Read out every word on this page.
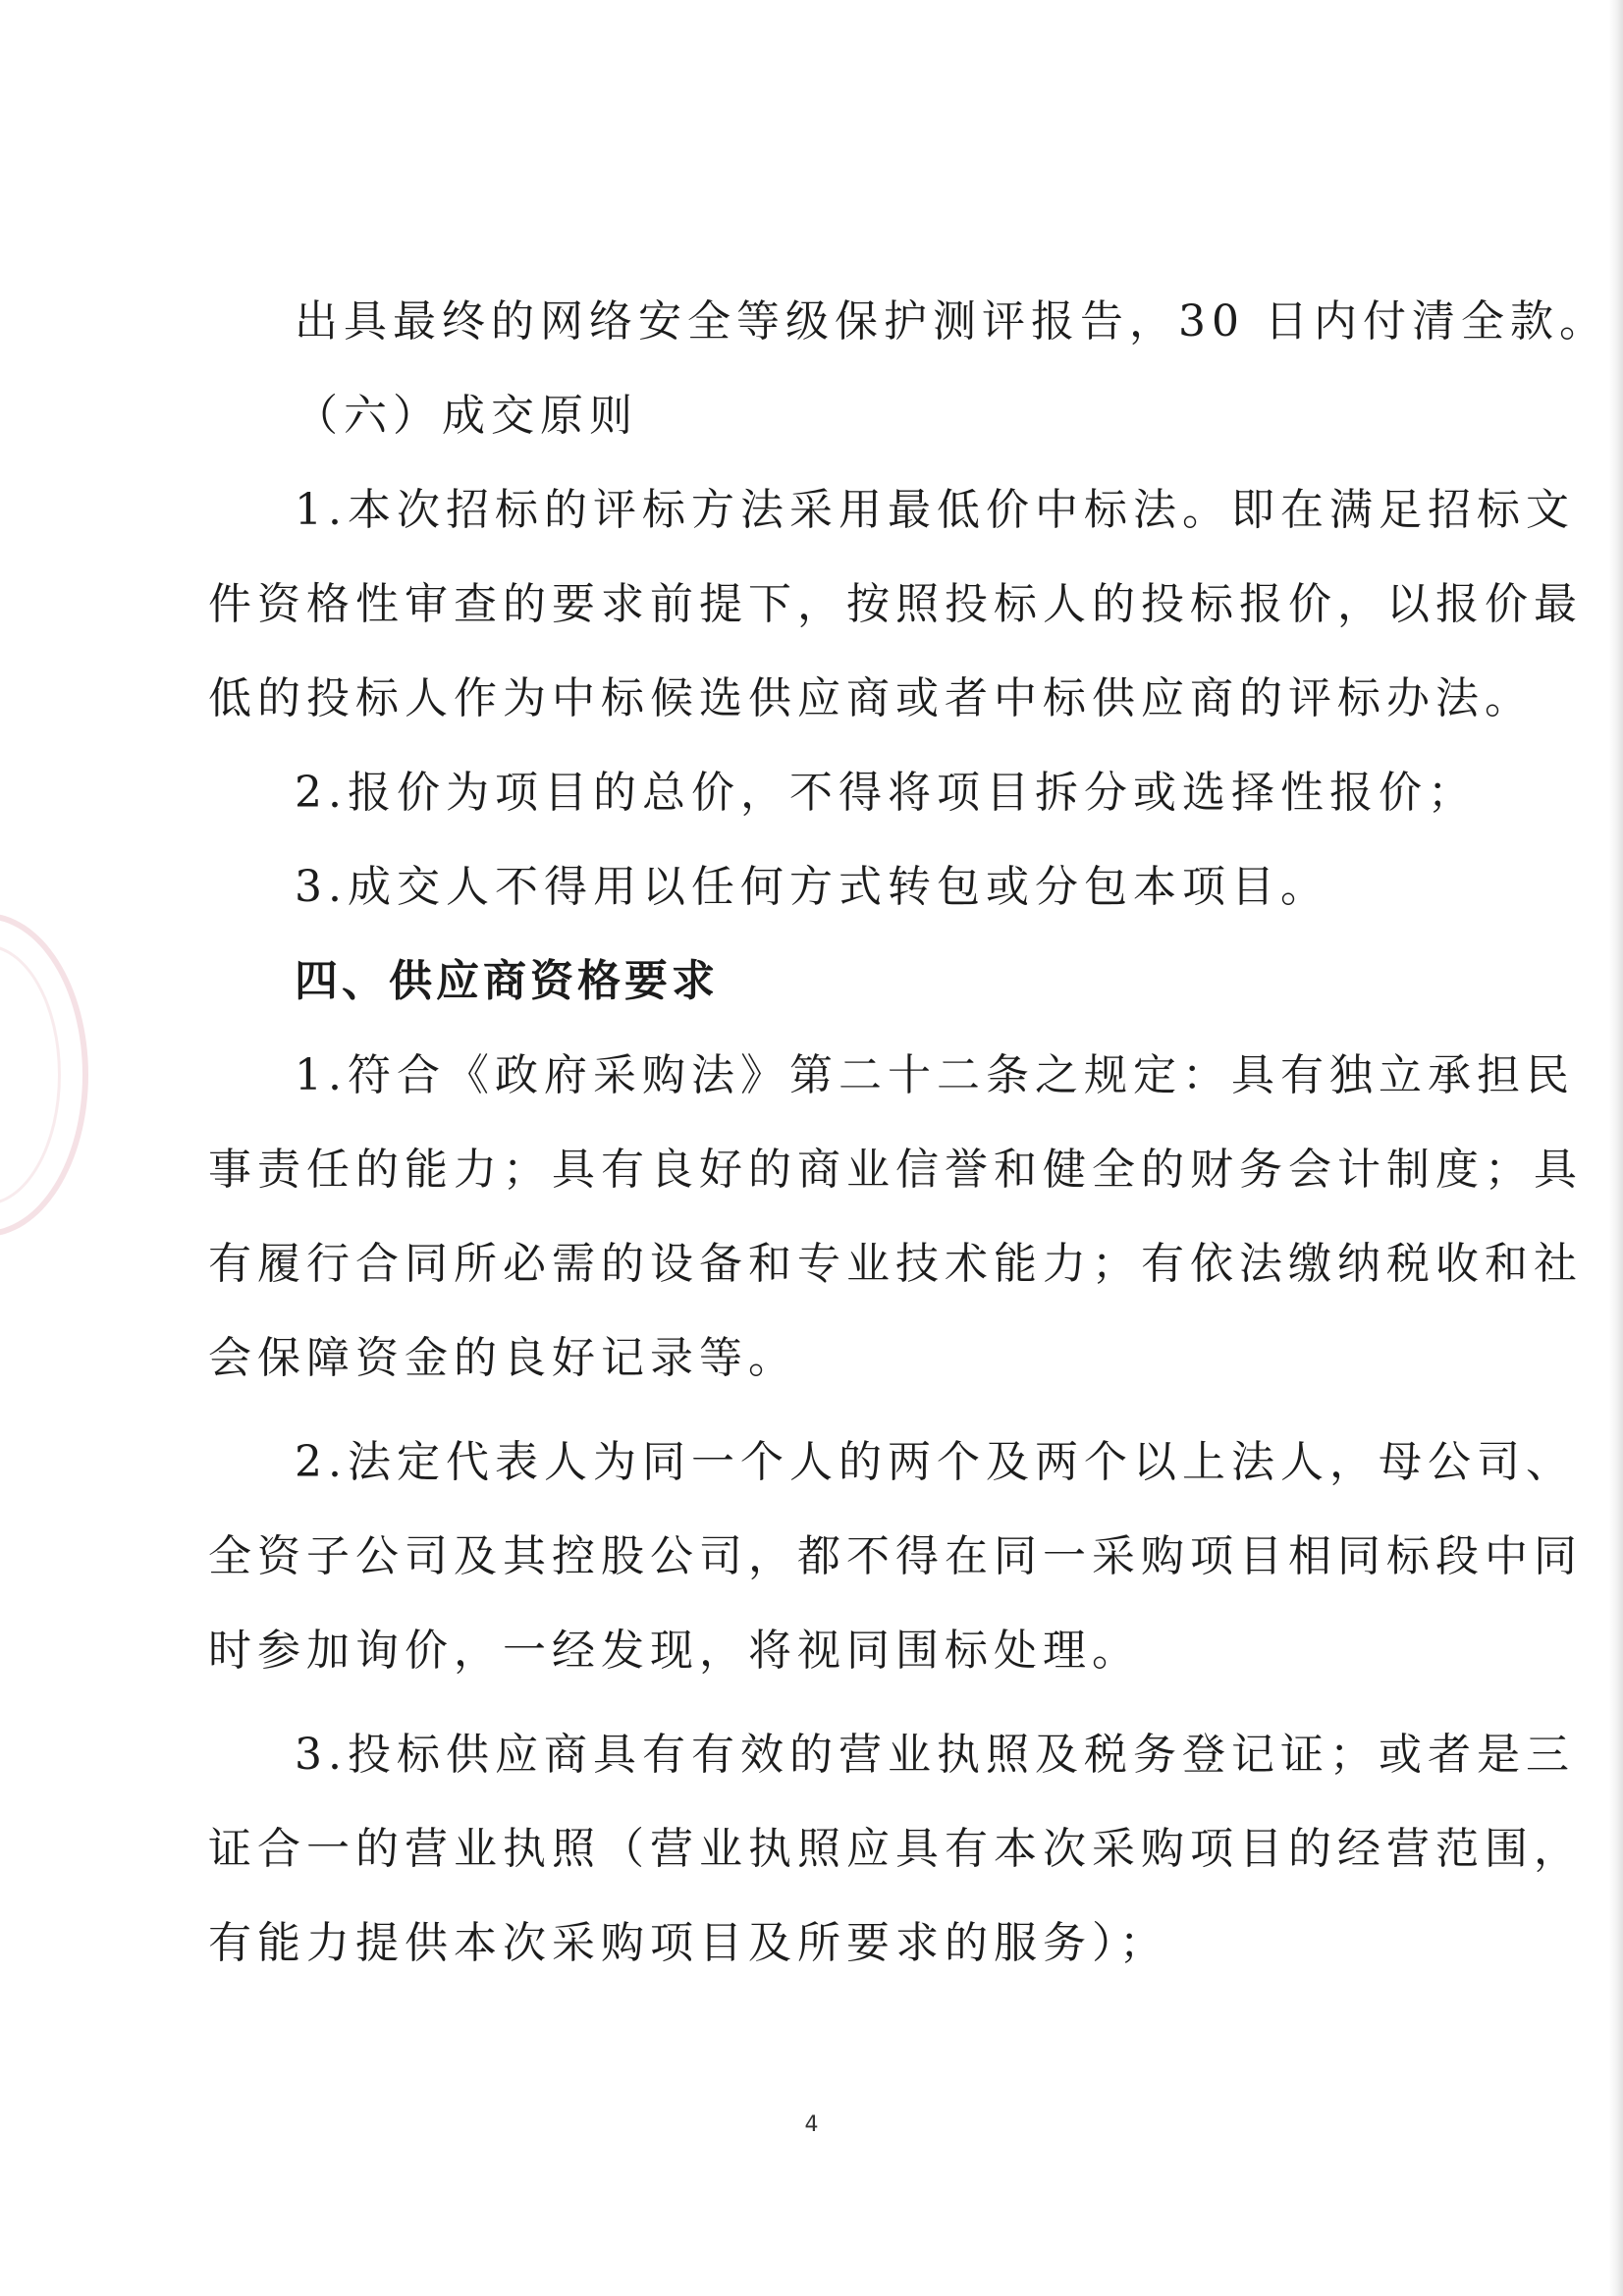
出具最终的网络安全等级保护测评报告，30 日内付清全款。
（六）成交原则
1.本次招标的评标方法采用最低价中标法。即在满足招标文
件资格性审查的要求前提下，按照投标人的投标报价，以报价最
低的投标人作为中标候选供应商或者中标供应商的评标办法。
2.报价为项目的总价，不得将项目拆分或选择性报价；
3.成交人不得用以任何方式转包或分包本项目。
四、供应商资格要求
1.符合《政府采购法》第二十二条之规定：具有独立承担民
事责任的能力；具有良好的商业信誉和健全的财务会计制度；具
有履行合同所必需的设备和专业技术能力；有依法缴纳税收和社
会保障资金的良好记录等。
2.法定代表人为同一个人的两个及两个以上法人，母公司、
全资子公司及其控股公司，都不得在同一采购项目相同标段中同
时参加询价，一经发现，将视同围标处理。
3.投标供应商具有有效的营业执照及税务登记证；或者是三
证合一的营业执照（营业执照应具有本次采购项目的经营范围，
有能力提供本次采购项目及所要求的服务）；
4
